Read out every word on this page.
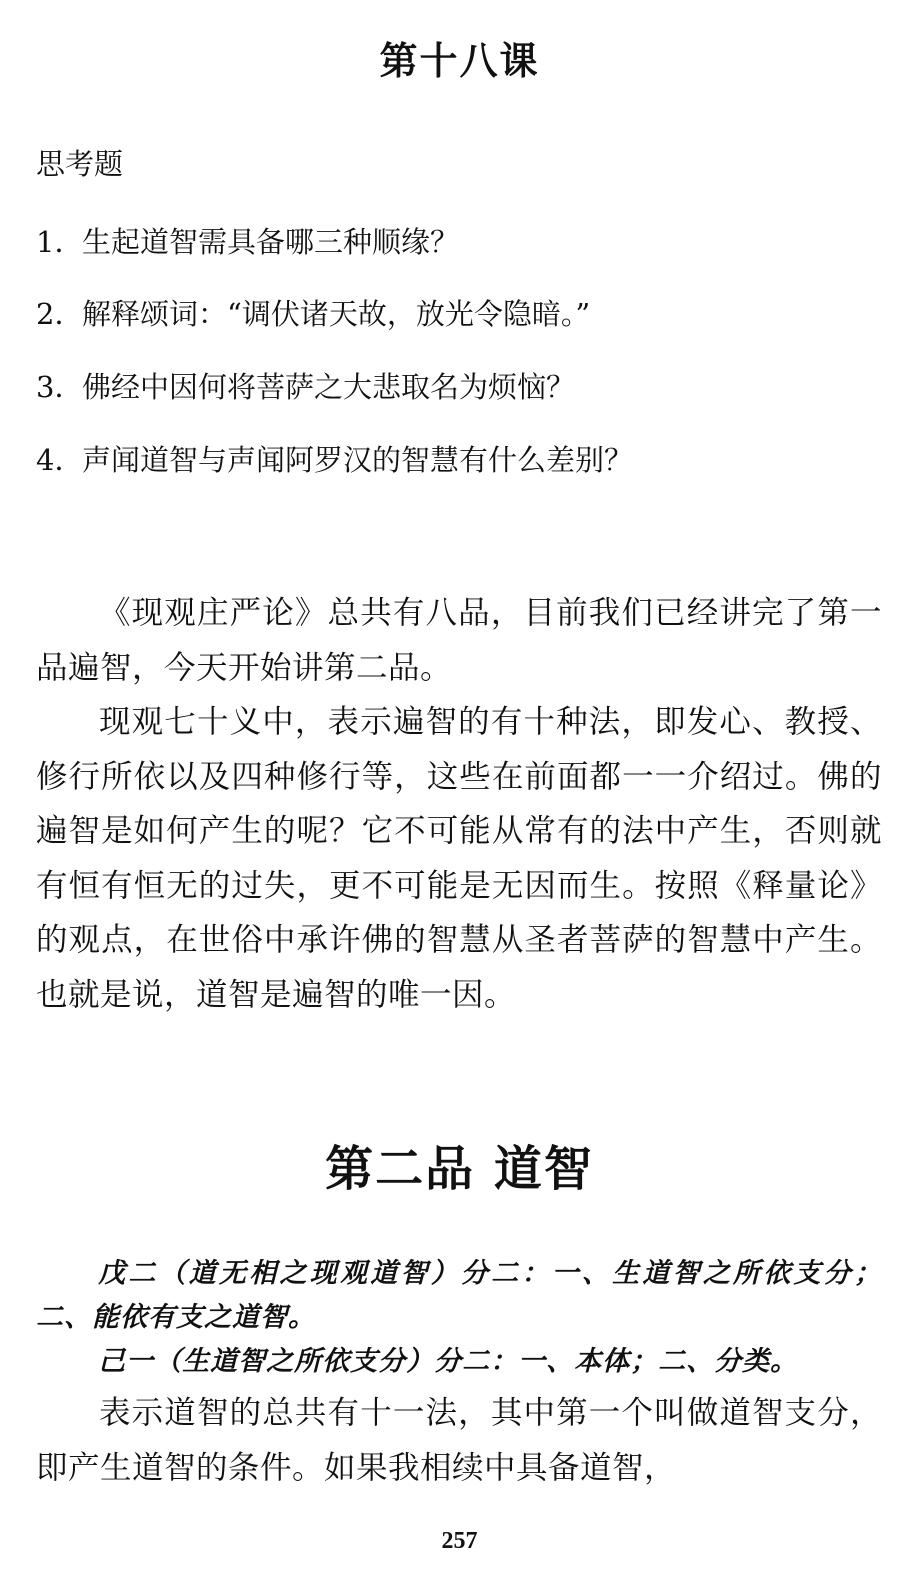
第十八课

思考题

1．生起道智需具备哪三种顺缘？
2．解释颂词：“调伏诸天故，放光令隐暗。”
3．佛经中因何将菩萨之大悲取名为烦恼？
4．声闻道智与声闻阿罗汉的智慧有什么差别？

《现观庄严论》总共有八品，目前我们已经讲完了第一品遍智，今天开始讲第二品。

现观七十义中，表示遍智的有十种法，即发心、教授、修行所依以及四种修行等，这些在前面都一一介绍过。佛的遍智是如何产生的呢？它不可能从常有的法中产生，否则就有恒有恒无的过失，更不可能是无因而生。按照《释量论》的观点，在世俗中承许佛的智慧从圣者菩萨的智慧中产生。也就是说，道智是遍智的唯一因。

第二品 道智

戊二（道无相之现观道智）分二：一、生道智之所依支分；二、能依有支之道智。

己一（生道智之所依支分）分二：一、本体；二、分类。

表示道智的总共有十一法，其中第一个叫做道智支分，即产生道智的条件。如果我相续中具备道智，

257
